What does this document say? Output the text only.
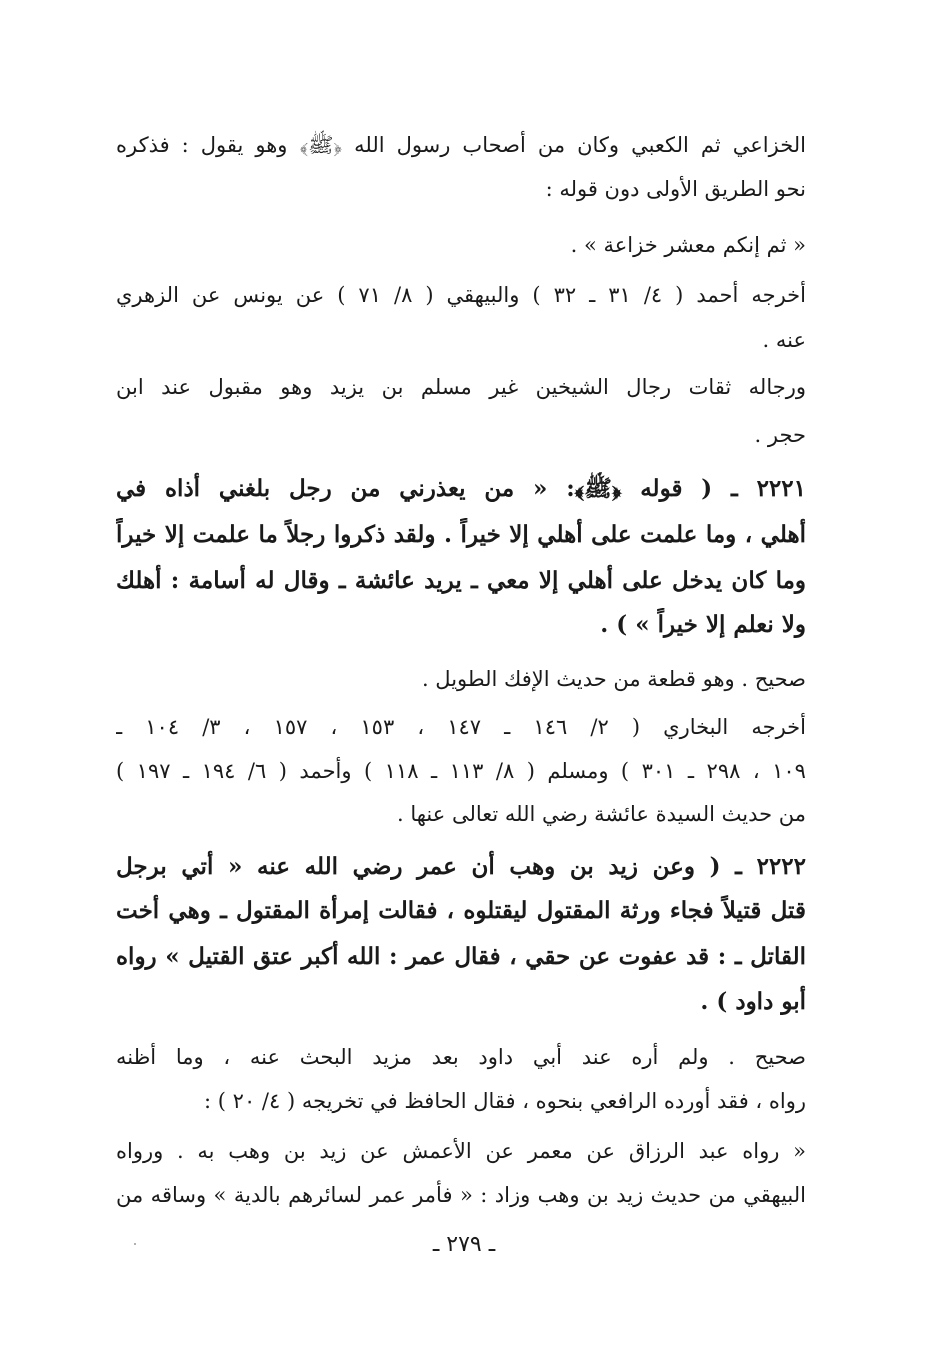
الخزاعي ثم الكعبي وكان من أصحاب رسول الله ﴿ﷺ﴾ وهو يقول : فذكره
نحو الطريق الأولى دون قوله :
« ثم إنكم معشر خزاعة » .
أخرجه أحمد ( ٤/ ٣١ ـ ٣٢ ) والبيهقي ( ٨/ ٧١ ) عن يونس عن الزهري
عنه .
ورجاله ثقات رجال الشيخين غير مسلم بن يزيد وهو مقبول عند ابن
حجر .
٢٢٢١ ـ ( قوله ﴿ﷺ﴾: « من يعذرني من رجل بلغني أذاه في
أهلي ، وما علمت على أهلي إلا خيراً . ولقد ذكروا رجلاً ما علمت إلا خيراً
وما كان يدخل على أهلي إلا معي ـ يريد عائشة ـ وقال له أسامة : أهلك
ولا نعلم إلا خيراً » ) .
صحيح . وهو قطعة من حديث الإفك الطويل .
أخرجه البخاري ( ٢/ ١٤٦ ـ ١٤٧ ، ١٥٣ ، ١٥٧ ، ٣/ ١٠٤ ـ
١٠٩ ، ٢٩٨ ـ ٣٠١ ) ومسلم ( ٨/ ١١٣ ـ ١١٨ ) وأحمد ( ٦/ ١٩٤ ـ ١٩٧ )
من حديث السيدة عائشة رضي الله تعالى عنها .
٢٢٢٢ ـ ( وعن زيد بن وهب أن عمر رضي الله عنه « أتي برجل
قتل قتيلاً فجاء ورثة المقتول ليقتلوه ، فقالت إمرأة المقتول ـ وهي أخت
القاتل ـ : قد عفوت عن حقي ، فقال عمر : الله أكبر عتق القتيل » رواه
أبو داود ) .
صحيح . ولم أره عند أبي داود بعد مزيد البحث عنه ، وما أظنه
رواه ، فقد أورده الرافعي بنحوه ، فقال الحافظ في تخريجه ( ٤/ ٢٠ ) :
« رواه عبد الرزاق عن معمر عن الأعمش عن زيد بن وهب به . ورواه
البيهقي من حديث زيد بن وهب وزاد : « فأمر عمر لسائرهم بالدية » وساقه من
ـ ٢٧٩ ـ
